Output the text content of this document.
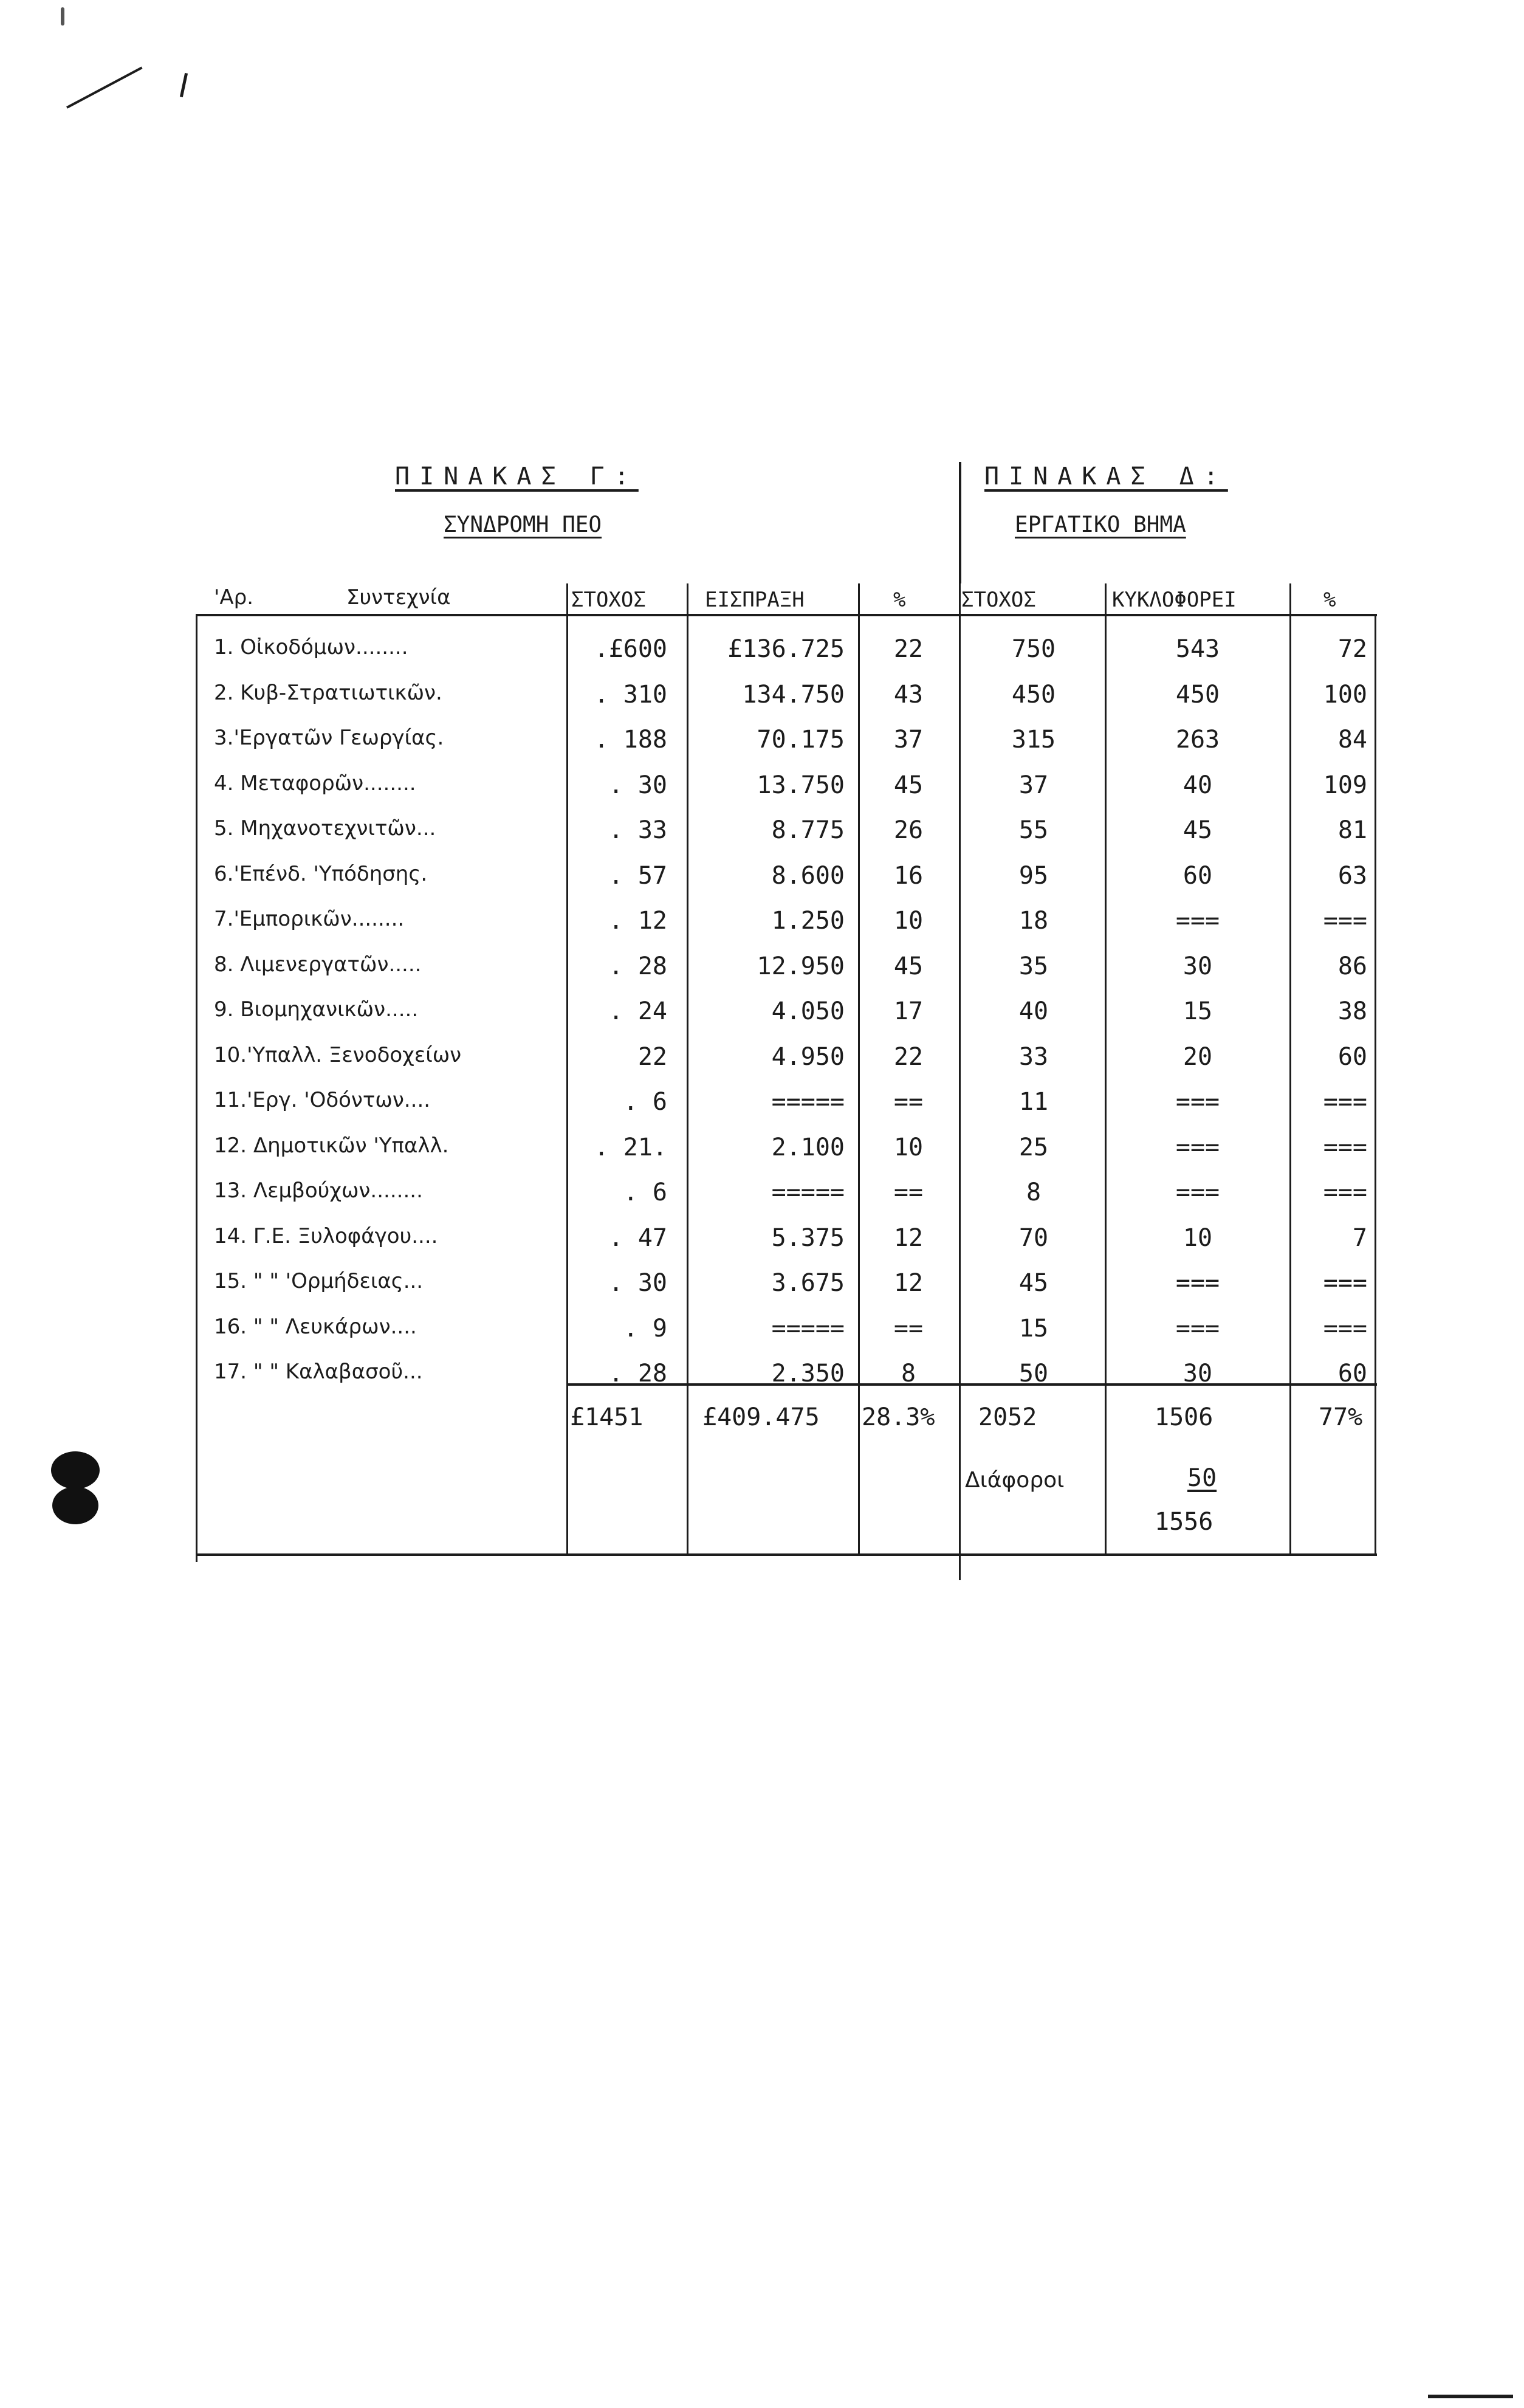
ΠΙΝΑΚΑΣ Γ:
ΣΥΝΔΡΟΜΗ ΠΕΟ
ΠΙΝΑΚΑΣ Δ:
ΕΡΓΑΤΙΚΟ ΒΗΜΑ
'Αρ.	Συντεχνία	ΣΤΟΧΟΣ	ΕΙΣΠΡΑΞΗ	%	ΣΤΟΧΟΣ	ΚΥΚΛΟΦΟΡΕΙ	%
1. Οἰκοδόμων........	.£600	£136.725	22	750	543	72
2. Κυβ-Στρατιωτικῶν.	. 310	134.750	43	450	450	100
3.'Εργατῶν Γεωργίας.	. 188	70.175	37	315	263	84
4. Μεταφορῶν........	. 30	13.750	45	37	40	109
5. Μηχανοτεχνιτῶν...	. 33	8.775	26	55	45	81
6.'Επένδ. 'Υπόδησης.	. 57	8.600	16	95	60	63
7.'Εμπορικῶν........	. 12	1.250	10	18	===	===
8. Λιμενεργατῶν.....	. 28	12.950	45	35	30	86
9. Βιομηχανικῶν.....	. 24	4.050	17	40	15	38
10.'Υπαλλ. Ξενοδοχείων	22	4.950	22	33	20	60
11.'Εργ. 'Οδόντων....	. 6	=====	==	11	===	===
12. Δημοτικῶν 'Υπαλλ.	. 21.	2.100	10	25	===	===
13. Λεμβούχων........	. 6	=====	==	8	===	===
14. Γ.Ε. Ξυλοφάγου....	. 47	5.375	12	70	10	7
15. " " 'Ορμήδειας...	. 30	3.675	12	45	===	===
16. " " Λευκάρων....	. 9	=====	==	15	===	===
17. " " Καλαβασοῦ...	. 28	2.350	8	50	30	60
£1451 £409.475 28.3% 2052	1506	77%
Διάφοροι	50
1556
